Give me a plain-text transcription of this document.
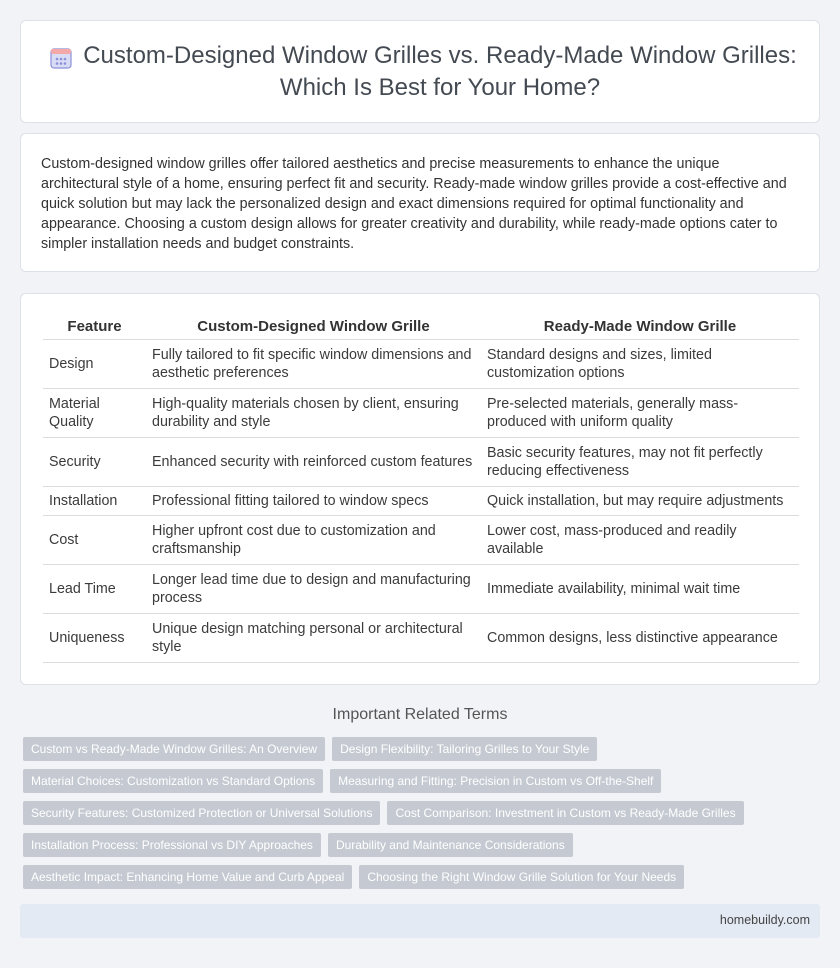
Custom-Designed Window Grilles vs. Ready-Made Window Grilles: Which Is Best for Your Home?

Custom-designed window grilles offer tailored aesthetics and precise measurements to enhance the unique architectural style of a home, ensuring perfect fit and security. Ready-made window grilles provide a cost-effective and quick solution but may lack the personalized design and exact dimensions required for optimal functionality and appearance. Choosing a custom design allows for greater creativity and durability, while ready-made options cater to simpler installation needs and budget constraints.

Feature	Custom-Designed Window Grille	Ready-Made Window Grille
Design	Fully tailored to fit specific window dimensions and aesthetic preferences	Standard designs and sizes, limited customization options
Material Quality	High-quality materials chosen by client, ensuring durability and style	Pre-selected materials, generally mass-produced with uniform quality
Security	Enhanced security with reinforced custom features	Basic security features, may not fit perfectly reducing effectiveness
Installation	Professional fitting tailored to window specs	Quick installation, but may require adjustments
Cost	Higher upfront cost due to customization and craftsmanship	Lower cost, mass-produced and readily available
Lead Time	Longer lead time due to design and manufacturing process	Immediate availability, minimal wait time
Uniqueness	Unique design matching personal or architectural style	Common designs, less distinctive appearance
Important Related Terms
Custom vs Ready-Made Window Grilles: An Overview	Design Flexibility: Tailoring Grilles to Your Style
Material Choices: Customization vs Standard Options	Measuring and Fitting: Precision in Custom vs Off-the-Shelf
Security Features: Customized Protection or Universal Solutions	Cost Comparison: Investment in Custom vs Ready-Made Grilles
Installation Process: Professional vs DIY Approaches	Durability and Maintenance Considerations
Aesthetic Impact: Enhancing Home Value and Curb Appeal	Choosing the Right Window Grille Solution for Your Needs
homebuildy.com
